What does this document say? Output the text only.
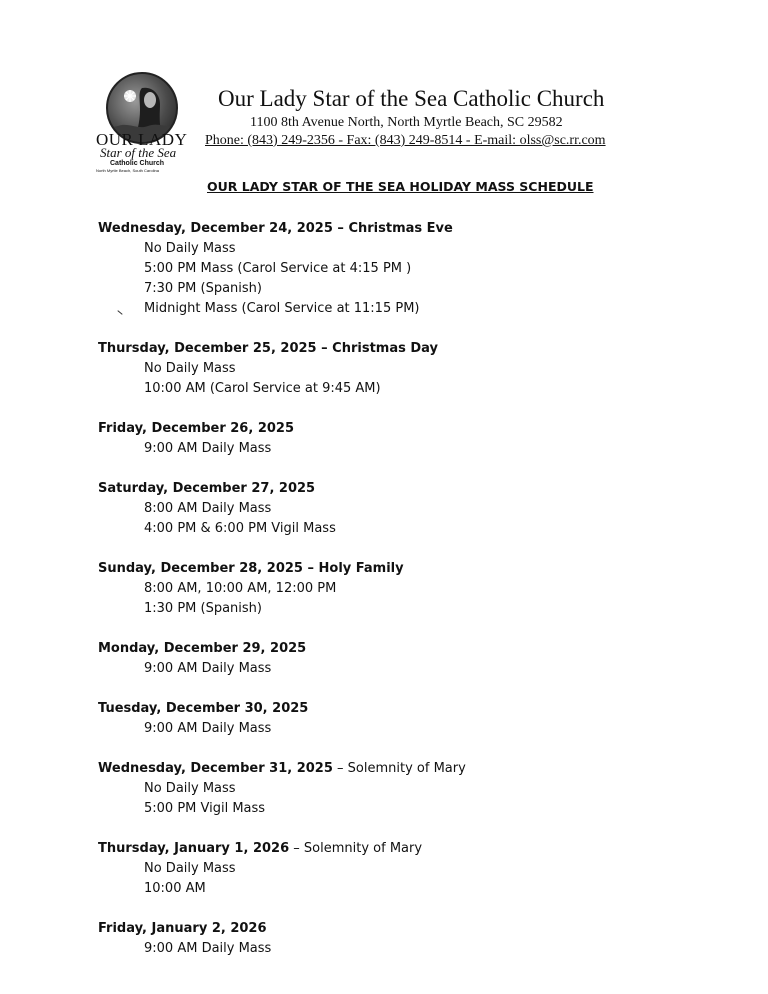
OUR LADY
Star of the Sea
Catholic Church
North Myrtle Beach, South Carolina
Our Lady Star of the Sea Catholic Church
1100 8th Avenue North, North Myrtle Beach, SC 29582
Phone: (843) 249-2356 - Fax: (843) 249-8514 - E-mail: olss@sc.rr.com
OUR LADY STAR OF THE SEA HOLIDAY MASS SCHEDULE
Wednesday, December 24, 2025 – Christmas Eve
No Daily Mass
5:00 PM Mass (Carol Service at 4:15 PM )
7:30 PM (Spanish)
Midnight Mass (Carol Service at 11:15 PM)
Thursday, December 25, 2025 – Christmas Day
No Daily Mass
10:00 AM (Carol Service at 9:45 AM)
Friday, December 26, 2025
9:00 AM Daily Mass
Saturday, December 27, 2025
8:00 AM Daily Mass
4:00 PM & 6:00 PM Vigil Mass
Sunday, December 28, 2025 – Holy Family
8:00 AM, 10:00 AM, 12:00 PM
1:30 PM (Spanish)
Monday, December 29, 2025
9:00 AM Daily Mass
Tuesday, December 30, 2025
9:00 AM Daily Mass
Wednesday, December 31, 2025 – Solemnity of Mary
No Daily Mass
5:00 PM Vigil Mass
Thursday, January 1, 2026 – Solemnity of Mary
No Daily Mass
10:00 AM
Friday, January 2, 2026
9:00 AM Daily Mass
